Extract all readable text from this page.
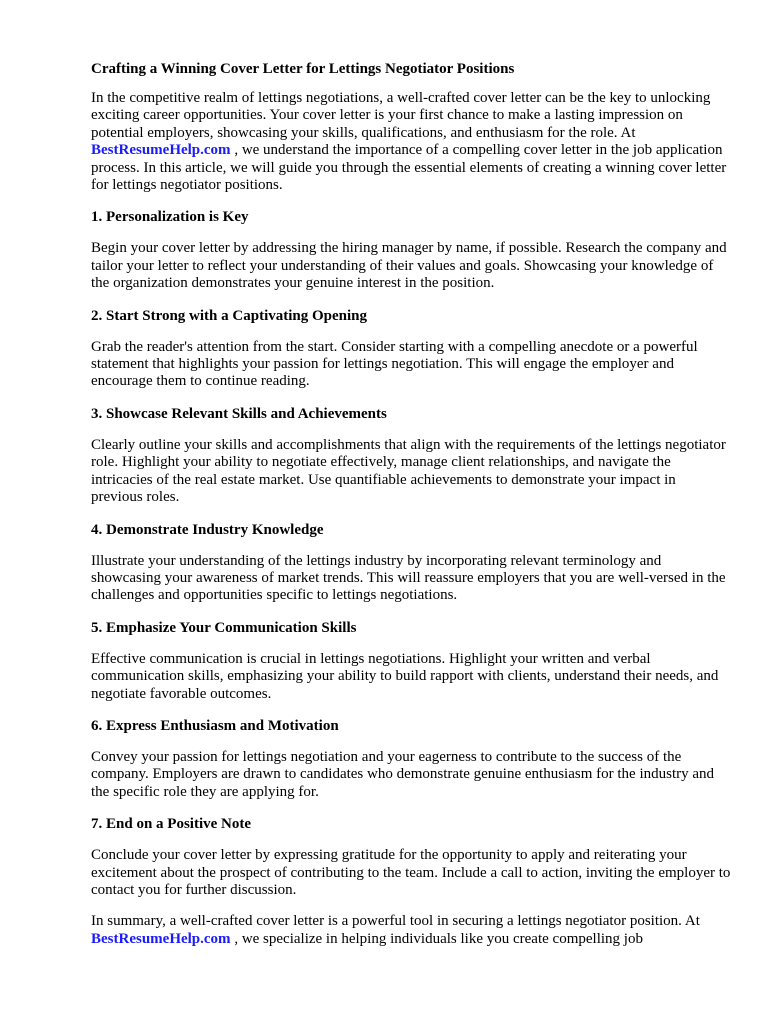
Crafting a Winning Cover Letter for Lettings Negotiator Positions

In the competitive realm of lettings negotiations, a well-crafted cover letter can be the key to unlocking exciting career opportunities. Your cover letter is your first chance to make a lasting impression on potential employers, showcasing your skills, qualifications, and enthusiasm for the role. At BestResumeHelp.com , we understand the importance of a compelling cover letter in the job application process. In this article, we will guide you through the essential elements of creating a winning cover letter for lettings negotiator positions.

1. Personalization is Key

Begin your cover letter by addressing the hiring manager by name, if possible. Research the company and tailor your letter to reflect your understanding of their values and goals. Showcasing your knowledge of the organization demonstrates your genuine interest in the position.

2. Start Strong with a Captivating Opening

Grab the reader's attention from the start. Consider starting with a compelling anecdote or a powerful statement that highlights your passion for lettings negotiation. This will engage the employer and encourage them to continue reading.

3. Showcase Relevant Skills and Achievements

Clearly outline your skills and accomplishments that align with the requirements of the lettings negotiator role. Highlight your ability to negotiate effectively, manage client relationships, and navigate the intricacies of the real estate market. Use quantifiable achievements to demonstrate your impact in previous roles.

4. Demonstrate Industry Knowledge

Illustrate your understanding of the lettings industry by incorporating relevant terminology and showcasing your awareness of market trends. This will reassure employers that you are well-versed in the challenges and opportunities specific to lettings negotiations.

5. Emphasize Your Communication Skills

Effective communication is crucial in lettings negotiations. Highlight your written and verbal communication skills, emphasizing your ability to build rapport with clients, understand their needs, and negotiate favorable outcomes.

6. Express Enthusiasm and Motivation

Convey your passion for lettings negotiation and your eagerness to contribute to the success of the company. Employers are drawn to candidates who demonstrate genuine enthusiasm for the industry and the specific role they are applying for.

7. End on a Positive Note

Conclude your cover letter by expressing gratitude for the opportunity to apply and reiterating your excitement about the prospect of contributing to the team. Include a call to action, inviting the employer to contact you for further discussion.

In summary, a well-crafted cover letter is a powerful tool in securing a lettings negotiator position. At BestResumeHelp.com , we specialize in helping individuals like you create compelling job
